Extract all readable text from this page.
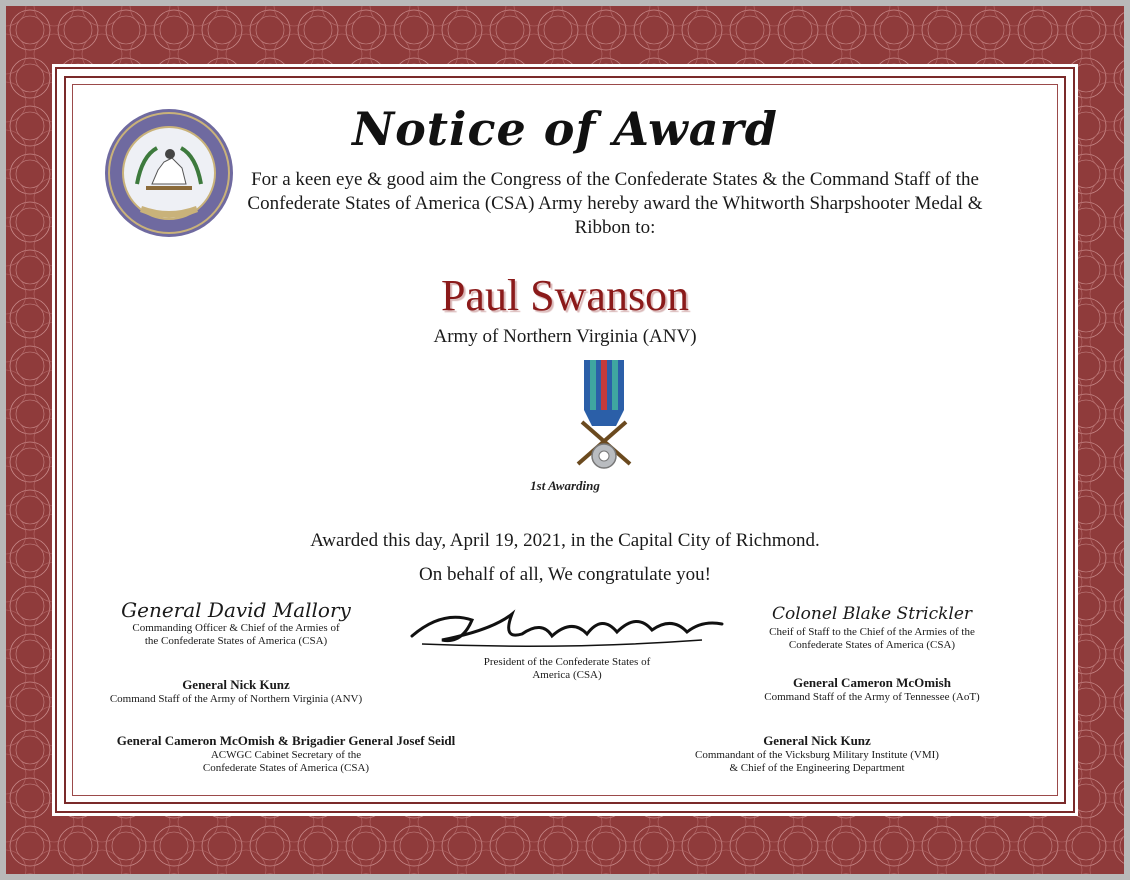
Notice of Award
For a keen eye & good aim the Congress of the Confederate States & the Command Staff of the Confederate States of America (CSA) Army hereby award the Whitworth Sharpshooter Medal & Ribbon to:
Paul Swanson
Army of Northern Virginia (ANV)
1st Awarding
Awarded this day, April 19, 2021, in the Capital City of Richmond.
On behalf of all, We congratulate you!
General David Mallory
Commanding Officer & Chief of the Armies of
the Confederate States of America (CSA)
President of the Confederate States of
America (CSA)
Colonel Blake Strickler
Cheif of Staff to the Chief of the Armies of the
Confederate States of America (CSA)
General Nick Kunz
Command Staff of the Army of Northern Virginia (ANV)
General Cameron McOmish
Command Staff of the Army of Tennessee (AoT)
General Cameron McOmish & Brigadier General Josef Seidl
ACWGC Cabinet Secretary of the
Confederate States of America (CSA)
General Nick Kunz
Commandant of the Vicksburg Military Institute (VMI)
& Chief of the Engineering Department
